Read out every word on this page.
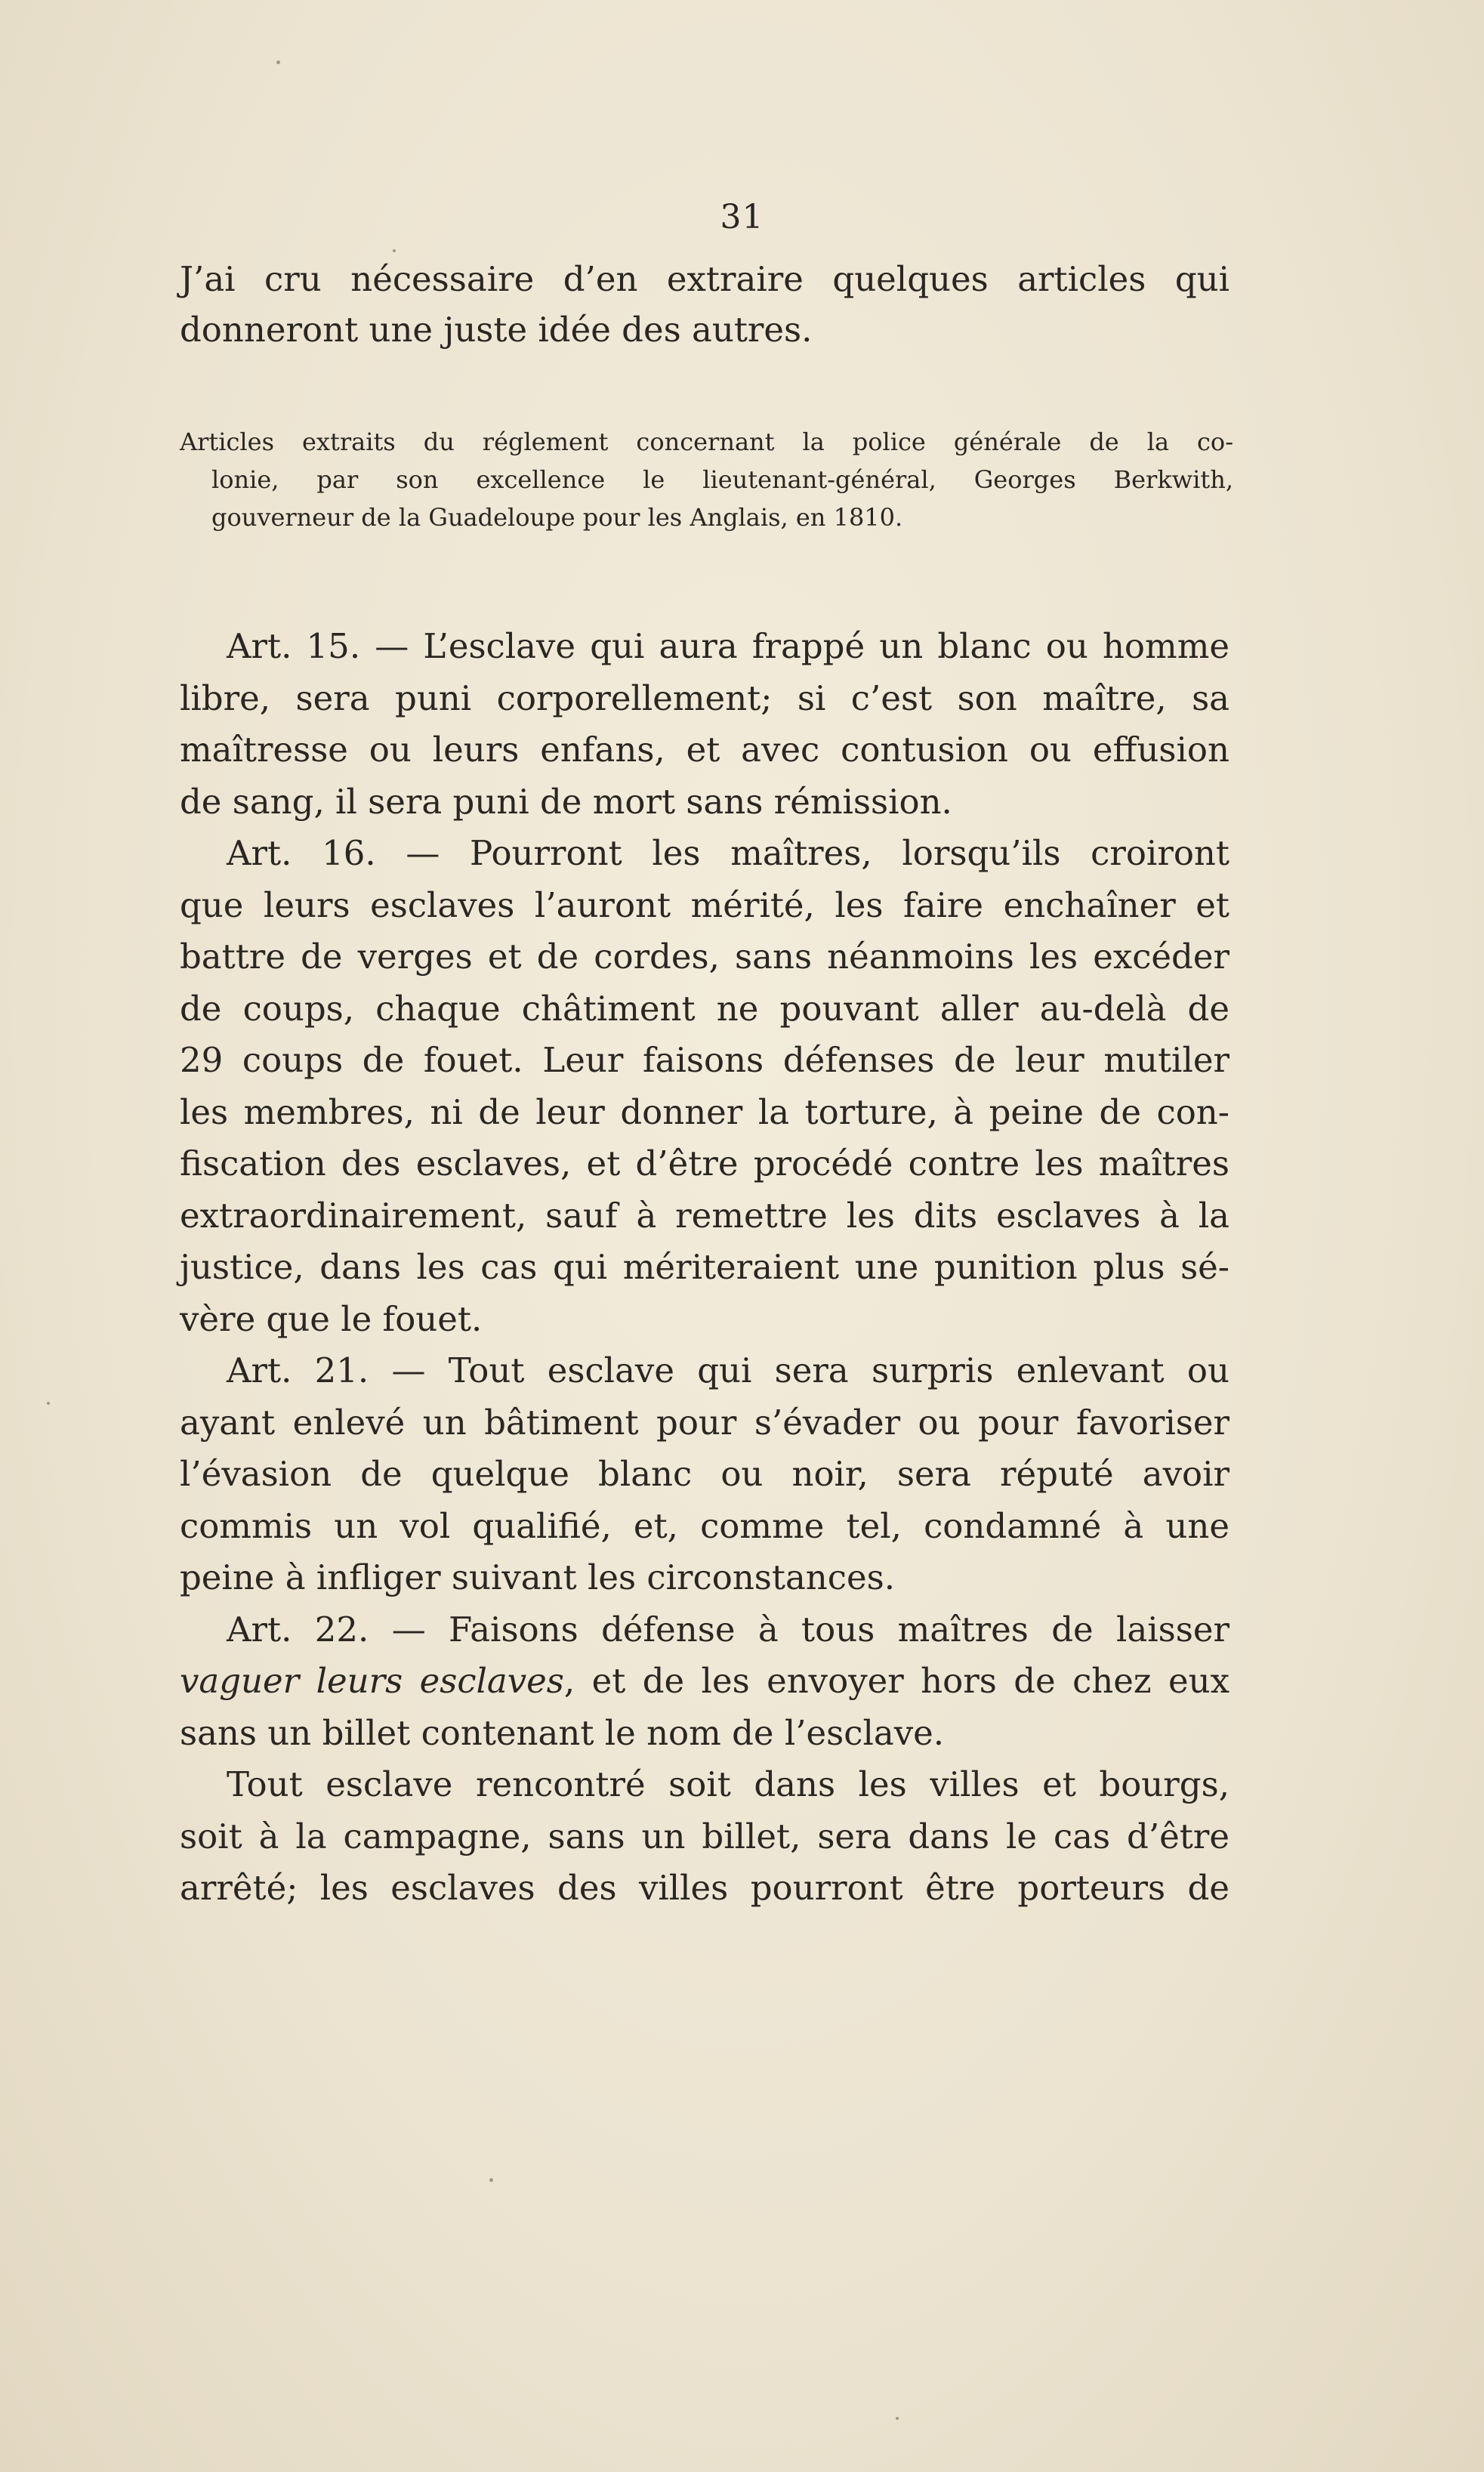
31
J’ai cru nécessaire d’en extraire quelques articles qui
donneront une juste idée des autres.
Articles extraits du réglement concernant la police générale de la co-
lonie, par son excellence le lieutenant-général, Georges Berkwith,
gouverneur de la Guadeloupe pour les Anglais, en 1810.
Art. 15. — L’esclave qui aura frappé un blanc ou homme
libre, sera puni corporellement; si c’est son maître, sa
maîtresse ou leurs enfans, et avec contusion ou effusion
de sang, il sera puni de mort sans rémission.
Art. 16. — Pourront les maîtres, lorsqu’ils croiront
que leurs esclaves l’auront mérité, les faire enchaîner et
battre de verges et de cordes, sans néanmoins les excéder
de coups, chaque châtiment ne pouvant aller au-delà de
29 coups de fouet. Leur faisons défenses de leur mutiler
les membres, ni de leur donner la torture, à peine de con-
fiscation des esclaves, et d’être procédé contre les maîtres
extraordinairement, sauf à remettre les dits esclaves à la
justice, dans les cas qui mériteraient une punition plus sé-
vère que le fouet.
Art. 21. — Tout esclave qui sera surpris enlevant ou
ayant enlevé un bâtiment pour s’évader ou pour favoriser
l’évasion de quelque blanc ou noir, sera réputé avoir
commis un vol qualifié, et, comme tel, condamné à une
peine à infliger suivant les circonstances.
Art. 22. — Faisons défense à tous maîtres de laisser
vaguer leurs esclaves, et de les envoyer hors de chez eux
sans un billet contenant le nom de l’esclave.
Tout esclave rencontré soit dans les villes et bourgs,
soit à la campagne, sans un billet, sera dans le cas d’être
arrêté; les esclaves des villes pourront être porteurs de
